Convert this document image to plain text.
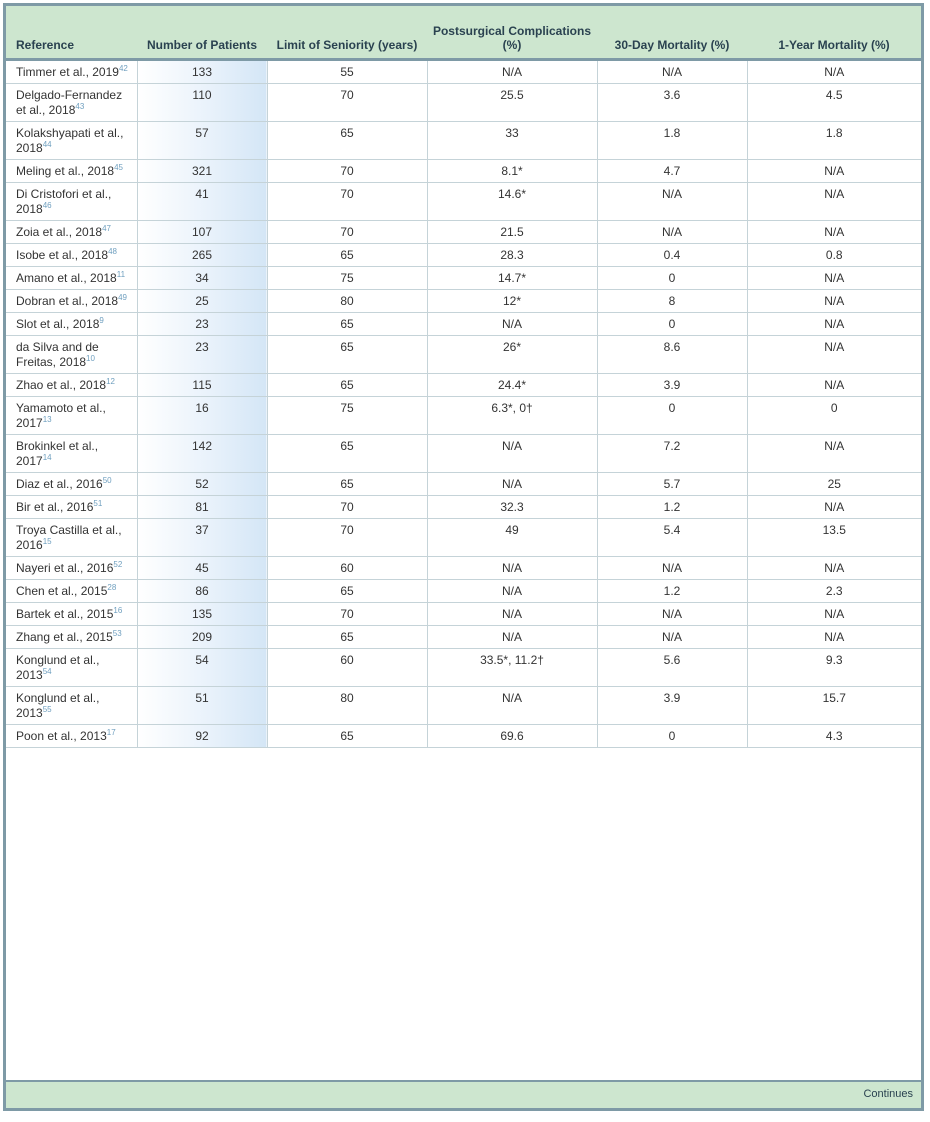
Reference	Number of Patients	Limit of Seniority (years)	Postsurgical Complications (%)	30-Day Mortality (%)	1-Year Mortality (%)
Timmer et al., 2019$^{42}$	133	55	N/A	N/A	N/A
Delgado-Fernandez et al., 2018$^{43}$	110	70	25.5	3.6	4.5
Kolakshyapati et al., 2018$^{44}$	57	65	33	1.8	1.8
Meling et al., 2018$^{45}$	321	70	8.1*	4.7	N/A
Di Cristofori et al., 2018$^{46}$	41	70	14.6*	N/A	N/A
Zoia et al., 2018$^{47}$	107	70	21.5	N/A	N/A
Isobe et al., 2018$^{48}$	265	65	28.3	0.4	0.8
Amano et al., 2018$^{11}$	34	75	14.7*	0	N/A
Dobran et al., 2018$^{49}$	25	80	12*	8	N/A
Slot et al., 2018$^9$	23	65	N/A	0	N/A
da Silva and de Freitas, 2018$^{10}$	23	65	26*	8.6	N/A
Zhao et al., 2018$^{12}$	115	65	24.4*	3.9	N/A
Yamamoto et al., 2017$^{13}$	16	75	6.3*, 0†	0	0
Brokinkel et al., 2017$^{14}$	142	65	N/A	7.2	N/A
Diaz et al., 2016$^{50}$	52	65	N/A	5.7	25
Bir et al., 2016$^{51}$	81	70	32.3	1.2	N/A
Troya Castilla et al., 2016$^{15}$	37	70	49	5.4	13.5
Nayeri et al., 2016$^{52}$	45	60	N/A	N/A	N/A
Chen et al., 2015$^{28}$	86	65	N/A	1.2	2.3
Bartek et al., 2015$^{16}$	135	70	N/A	N/A	N/A
Zhang et al., 2015$^{53}$	209	65	N/A	N/A	N/A
Konglund et al., 2013$^{54}$	54	60	33.5*, 11.2†	5.6	9.3
Konglund et al., 2013$^{55}$	51	80	N/A	3.9	15.7
Poon et al., 2013$^{17}$	92	65	69.6	0	4.3
Continues
